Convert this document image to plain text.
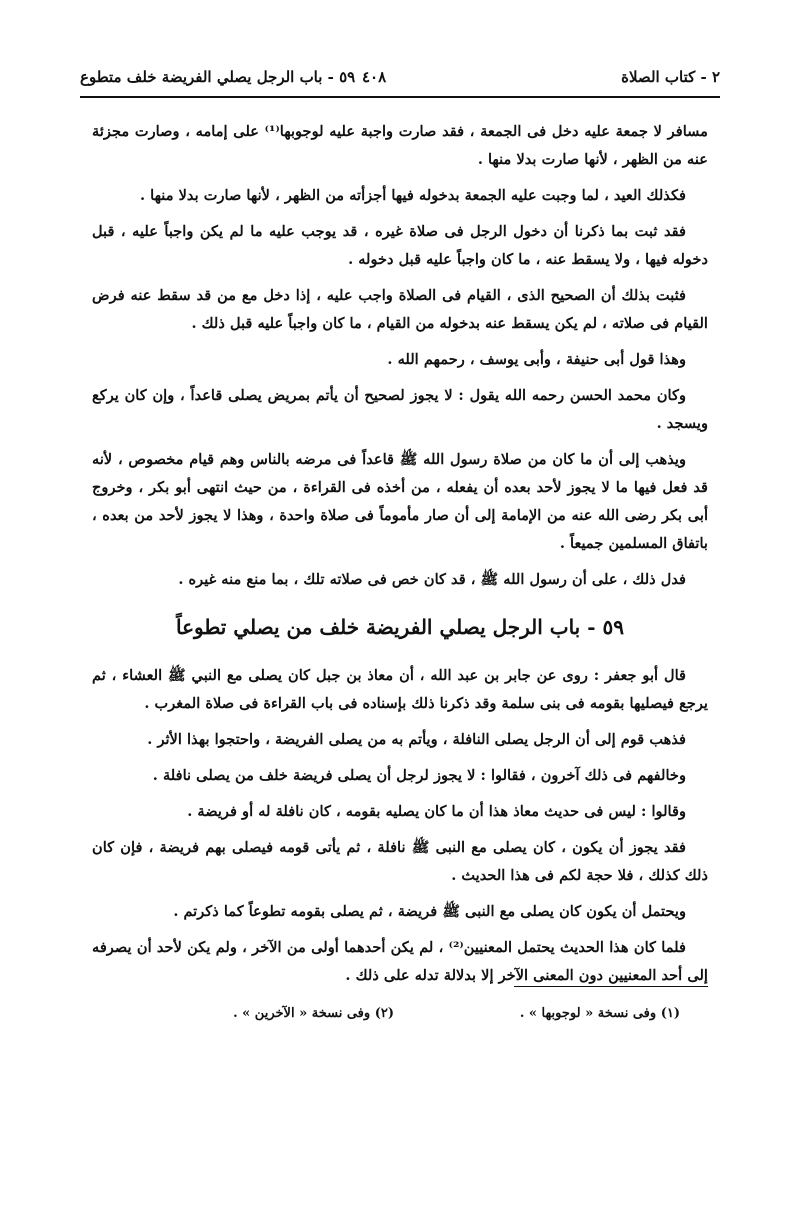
٢ - كتاب الصلاة
٤٠٨
٥٩ - باب الرجل يصلي الفريضة خلف متطوع

مسافر لا جمعة عليه دخل فى الجمعة ، فقد صارت واجبة عليه لوجوبها⁽¹⁾ على إمامه ، وصارت مجزئة عنه من الظهر ، لأنها صارت بدلا منها .

فكذلك العيد ، لما وجبت عليه الجمعة بدخوله فيها أجزأته من الظهر ، لأنها صارت بدلا منها .

فقد ثبت بما ذكرنا أن دخول الرجل فى صلاة غيره ، قد يوجب عليه ما لم يكن واجباً عليه ، قبل دخوله فيها ، ولا يسقط عنه ، ما كان واجباً عليه قبل دخوله .

فثبت بذلك أن الصحيح الذى ، القيام فى الصلاة واجب عليه ، إذا دخل مع من قد سقط عنه فرض القيام فى صلاته ، لم يكن يسقط عنه بدخوله من القيام ، ما كان واجباً عليه قبل ذلك .

وهذا قول أبى حنيفة ، وأبى يوسف ، رحمهم الله .

وكان محمد الحسن رحمه الله يقول : لا يجوز لصحيح أن يأتم بمريض يصلى قاعداً ، وإن كان يركع ويسجد .

ويذهب إلى أن ما كان من صلاة رسول الله ﷺ قاعداً فى مرضه بالناس وهم قيام مخصوص ، لأنه قد فعل فيها ما لا يجوز لأحد بعده أن يفعله ، من أخذه فى القراءة ، من حيث انتهى أبو بكر ، وخروج أبى بكر رضى الله عنه من الإمامة إلى أن صار مأموماً فى صلاة واحدة ، وهذا لا يجوز لأحد من بعده ، باتفاق المسلمين جميعاً .

فدل ذلك ، على أن رسول الله ﷺ ، قد كان خص فى صلاته تلك ، بما منع منه غيره .

٥٩ - باب الرجل يصلي الفريضة خلف من يصلي تطوعاً

قال أبو جعفر : روى عن جابر بن عبد الله ، أن معاذ بن جبل كان يصلى مع النبي ﷺ العشاء ، ثم يرجع فيصليها بقومه فى بنى سلمة وقد ذكرنا ذلك بإسناده فى باب القراءة فى صلاة المغرب .

فذهب قوم إلى أن الرجل يصلى النافلة ، ويأتم به من يصلى الفريضة ، واحتجوا بهذا الأثر .

وخالفهم فى ذلك آخرون ، فقالوا : لا يجوز لرجل أن يصلى فريضة خلف من يصلى نافلة .

وقالوا : ليس فى حديث معاذ هذا أن ما كان يصليه بقومه ، كان نافلة له أو فريضة .

فقد يجوز أن يكون ، كان يصلى مع النبى ﷺ نافلة ، ثم يأتى قومه فيصلى بهم فريضة ، فإن كان ذلك كذلك ، فلا حجة لكم فى هذا الحديث .

ويحتمل أن يكون كان يصلى مع النبى ﷺ فريضة ، ثم يصلى بقومه تطوعاً كما ذكرتم .

فلما كان هذا الحديث يحتمل المعنيين⁽²⁾ ، لم يكن أحدهما أولى من الآخر ، ولم يكن لأحد أن يصرفه إلى أحد المعنيين دون المعنى الآخر إلا بدلالة تدله على ذلك .

(١) وفى نسخة « لوجوبها » .
(٢) وفى نسخة « الآخرين » .
